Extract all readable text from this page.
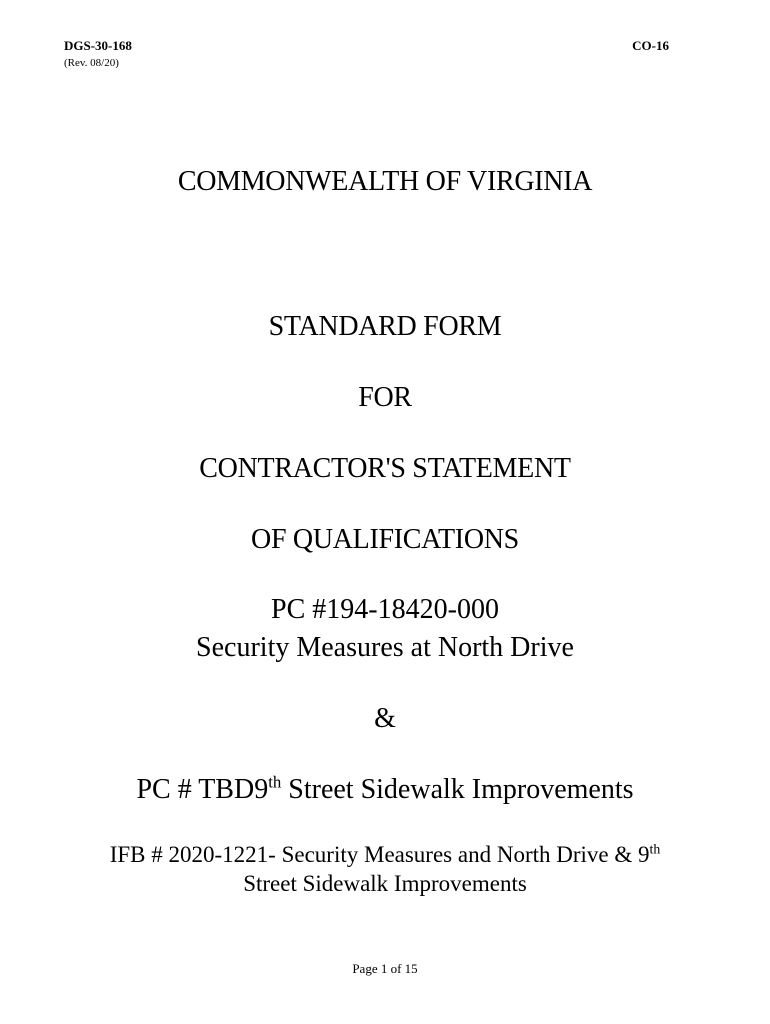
DGS-30-168
(Rev. 08/20)
CO-16
COMMONWEALTH OF VIRGINIA
STANDARD FORM
FOR
CONTRACTOR'S STATEMENT
OF QUALIFICATIONS
PC #194-18420-000
Security Measures at North Drive
&
PC # TBD9th Street Sidewalk Improvements
IFB # 2020-1221- Security Measures and North Drive & 9th
Street Sidewalk Improvements
Page 1 of 15
